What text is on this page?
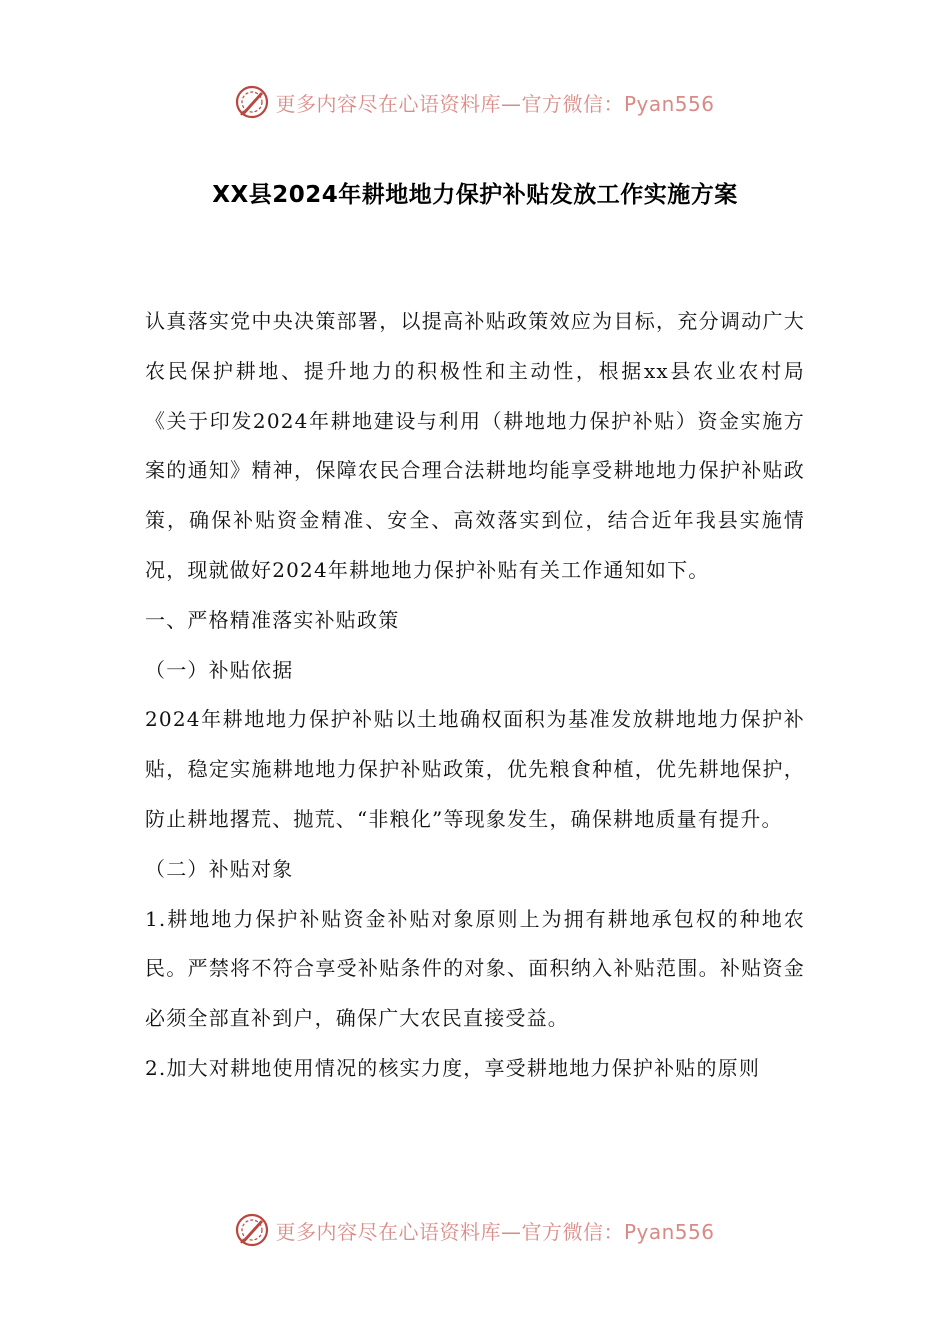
更多内容尽在心语资料库—官方微信：Pyan556
XX县2024年耕地地力保护补贴发放工作实施方案

认真落实党中央决策部署，以提高补贴政策效应为目标，充分调动广大农民保护耕地、提升地力的积极性和主动性，根据xx县农业农村局《关于印发2024年耕地建设与利用（耕地地力保护补贴）资金实施方案的通知》精神，保障农民合理合法耕地均能享受耕地地力保护补贴政策，确保补贴资金精准、安全、高效落实到位，结合近年我县实施情况，现就做好2024年耕地地力保护补贴有关工作通知如下。

一、严格精准落实补贴政策

（一）补贴依据

2024年耕地地力保护补贴以土地确权面积为基准发放耕地地力保护补贴，稳定实施耕地地力保护补贴政策，优先粮食种植，优先耕地保护，防止耕地撂荒、抛荒、“非粮化”等现象发生，确保耕地质量有提升。

（二）补贴对象

1.耕地地力保护补贴资金补贴对象原则上为拥有耕地承包权的种地农民。严禁将不符合享受补贴条件的对象、面积纳入补贴范围。补贴资金必须全部直补到户，确保广大农民直接受益。

2.加大对耕地使用情况的核实力度，享受耕地地力保护补贴的原则

更多内容尽在心语资料库—官方微信：Pyan556
